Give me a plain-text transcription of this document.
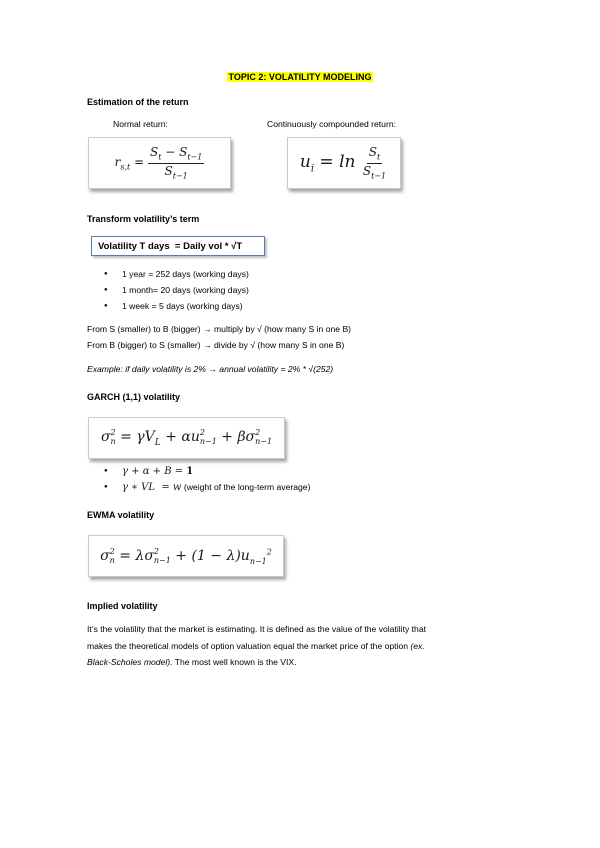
TOPIC 2: VOLATILITY MODELING
Estimation of the return
Normal return:	Continuously compounded return:
$r_{s,t} = \frac{S_t - S_{t-1}}{S_{t-1}}$	$u_i = \ln \frac{S_t}{S_{t-1}}$
Transform volatility’s term
Volatility T days  = Daily vol * √T
● 1 year = 252 days (working days)
● 1 month= 20 days (working days)
● 1 week = 5 days (working days)
From S (smaller) to B (bigger) → multiply by √ (how many S in one B)
From B (bigger) to S (smaller) → divide by √ (how many S in one B)
Example: if daily volatility is 2% → annual volatility = 2% * √(252)
GARCH (1,1) volatility
σ 2
$n = \gamma V_L + \alpha u$ 2
n−1 + βσ 2
n−1
● γ + α + Β = 1
● γ ∗ VL  = w (weight of the long-term average)
EWMA volatility
σ 2
n = λσ 2
$n-1 + (1 - \lambda)u_{n-1}^2$
Implied volatility
It’s the volatility that the market is estimating. It is defined as the value of the volatility that
makes the theoretical models of option valuation equal the market price of the option (ex.
Black-Scholes model). The most well known is the VIX.
